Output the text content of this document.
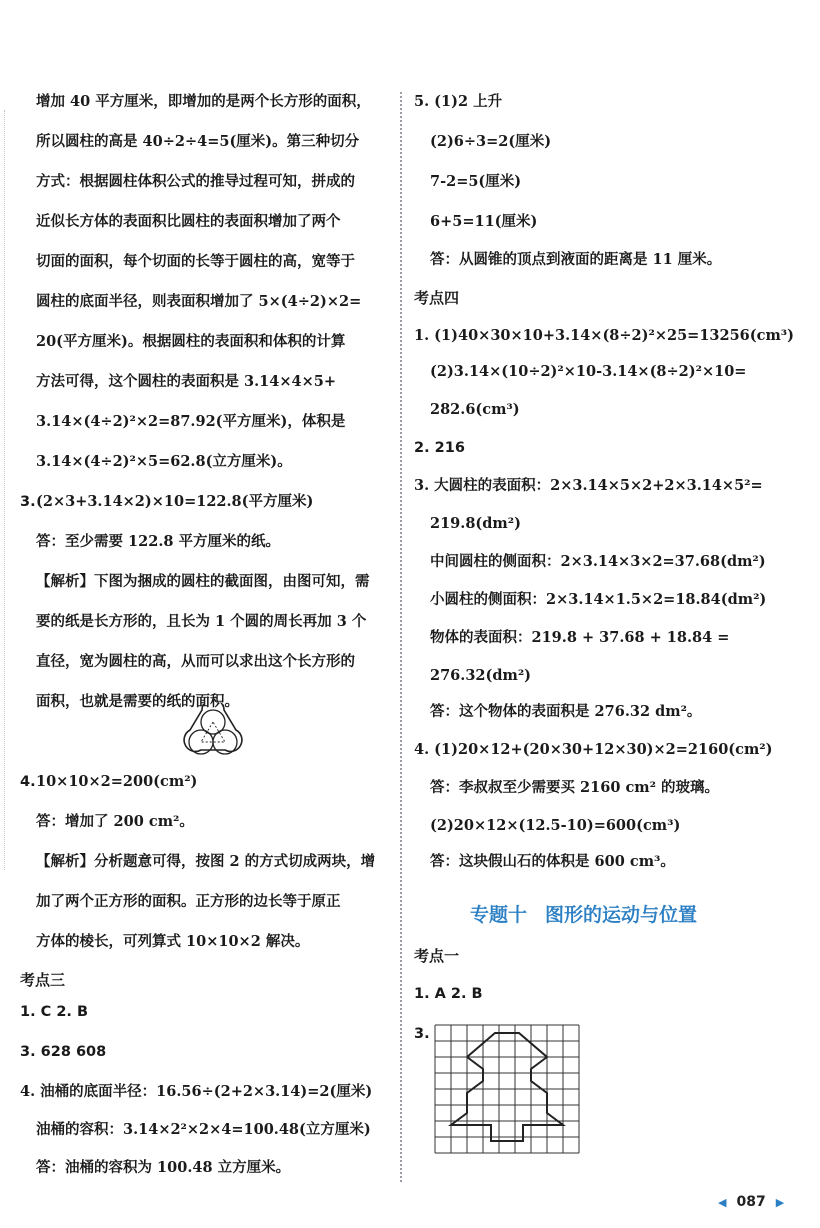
增加 40 平方厘米，即增加的是两个长方形的面积，
所以圆柱的高是 40÷2÷4=5(厘米)。第三种切分
方式：根据圆柱体积公式的推导过程可知，拼成的
近似长方体的表面积比圆柱的表面积增加了两个
切面的面积，每个切面的长等于圆柱的高，宽等于
圆柱的底面半径，则表面积增加了 5×(4÷2)×2=
20(平方厘米)。根据圆柱的表面积和体积的计算
方法可得，这个圆柱的表面积是 3.14×4×5+
3.14×(4÷2)²×2=87.92(平方厘米)，体积是
3.14×(4÷2)²×5=62.8(立方厘米)。
3. (2×3+3.14×2)×10=122.8(平方厘米)
答：至少需要 122.8 平方厘米的纸。
【解析】下图为捆成的圆柱的截面图，由图可知，需
要的纸是长方形的，且长为 1 个圆的周长再加 3 个
直径，宽为圆柱的高，从而可以求出这个长方形的
面积，也就是需要的纸的面积。
4. 10×10×2=200(cm²)
答：增加了 200 cm²。
【解析】分析题意可得，按图 2 的方式切成两块，增
加了两个正方形的面积。正方形的边长等于原正
方体的棱长，可列算式 10×10×2 解决。
考点三
1. C 2. B
3. 628 608
4. 油桶的底面半径：16.56÷(2+2×3.14)=2(厘米)
油桶的容积：3.14×2²×2×4=100.48(立方厘米)
答：油桶的容积为 100.48 立方厘米。
5. (1)2 上升
(2)6÷3=2(厘米)
7-2=5(厘米)
6+5=11(厘米)
答：从圆锥的顶点到液面的距离是 11 厘米。
考点四
1. (1)40×30×10+3.14×(8÷2)²×25=13256(cm³)
(2)3.14×(10÷2)²×10-3.14×(8÷2)²×10=
282.6(cm³)
2. 216
3. 大圆柱的表面积：2×3.14×5×2+2×3.14×5²=
219.8(dm²)
中间圆柱的侧面积：2×3.14×3×2=37.68(dm²)
小圆柱的侧面积：2×3.14×1.5×2=18.84(dm²)
物体的表面积：219.8 + 37.68 + 18.84 =
276.32(dm²)
答：这个物体的表面积是 276.32 dm²。
4. (1)20×12+(20×30+12×30)×2=2160(cm²)
答：李叔叔至少需要买 2160 cm² 的玻璃。
(2)20×12×(12.5-10)=600(cm³)
答：这块假山石的体积是 600 cm³。
专题十 图形的运动与位置
考点一
1. A 2. B
3.
◀ 087 ▶
